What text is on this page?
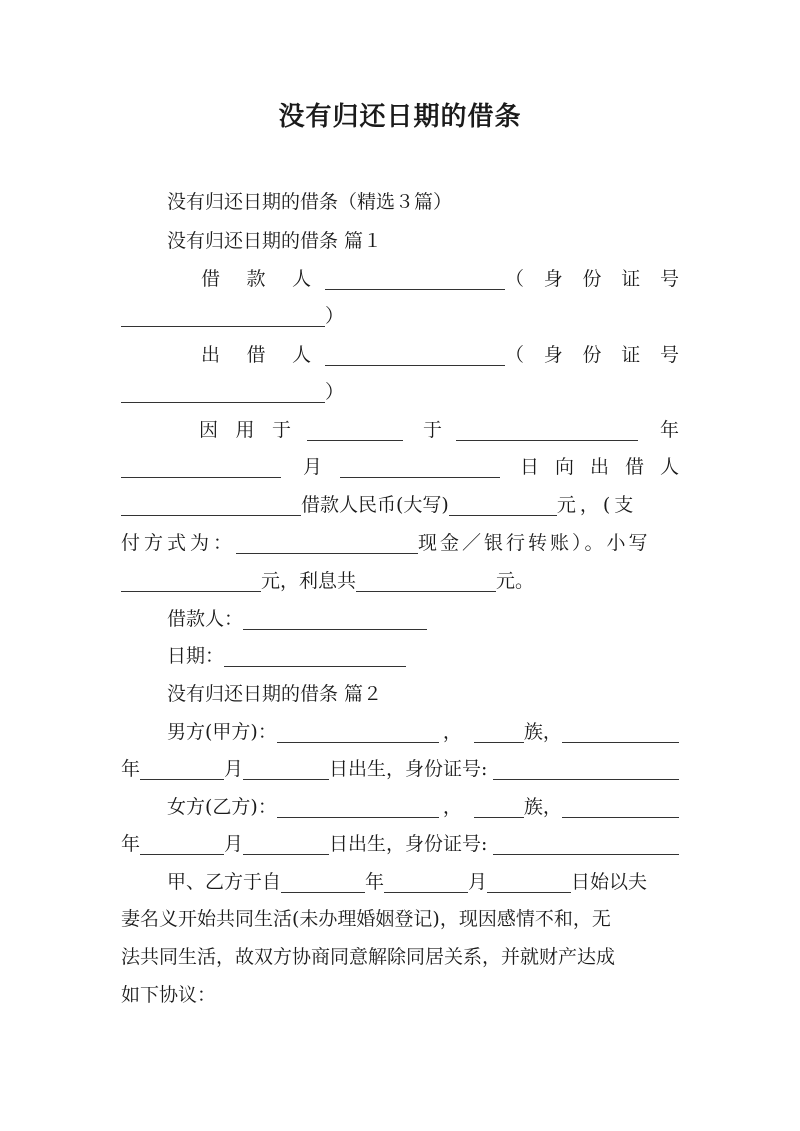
没有归还日期的借条
没有归还日期的借条（精选３篇）
没有归还日期的借条 篇１
借 款 人	（ 身 份 证 号
）
出 借 人	（ 身 份 证 号
）
因 用 于	于	年
月	日 向 出 借 人
借款人民币(大写)	元，(支
付方式为：	现金／银行转账）。小写
元，利息共	元。
借款人：
日期：
没有归还日期的借条 篇２
男方(甲方)：	，	族，
年	月	日出生，身份证号:
女方(乙方)：	，	族，
年	月	日出生，身份证号:
甲、乙方于自	年	月	日始以夫
妻名义开始共同生活(未办理婚姻登记)，现因感情不和，无
法共同生活，故双方协商同意解除同居关系，并就财产达成
如下协议：
